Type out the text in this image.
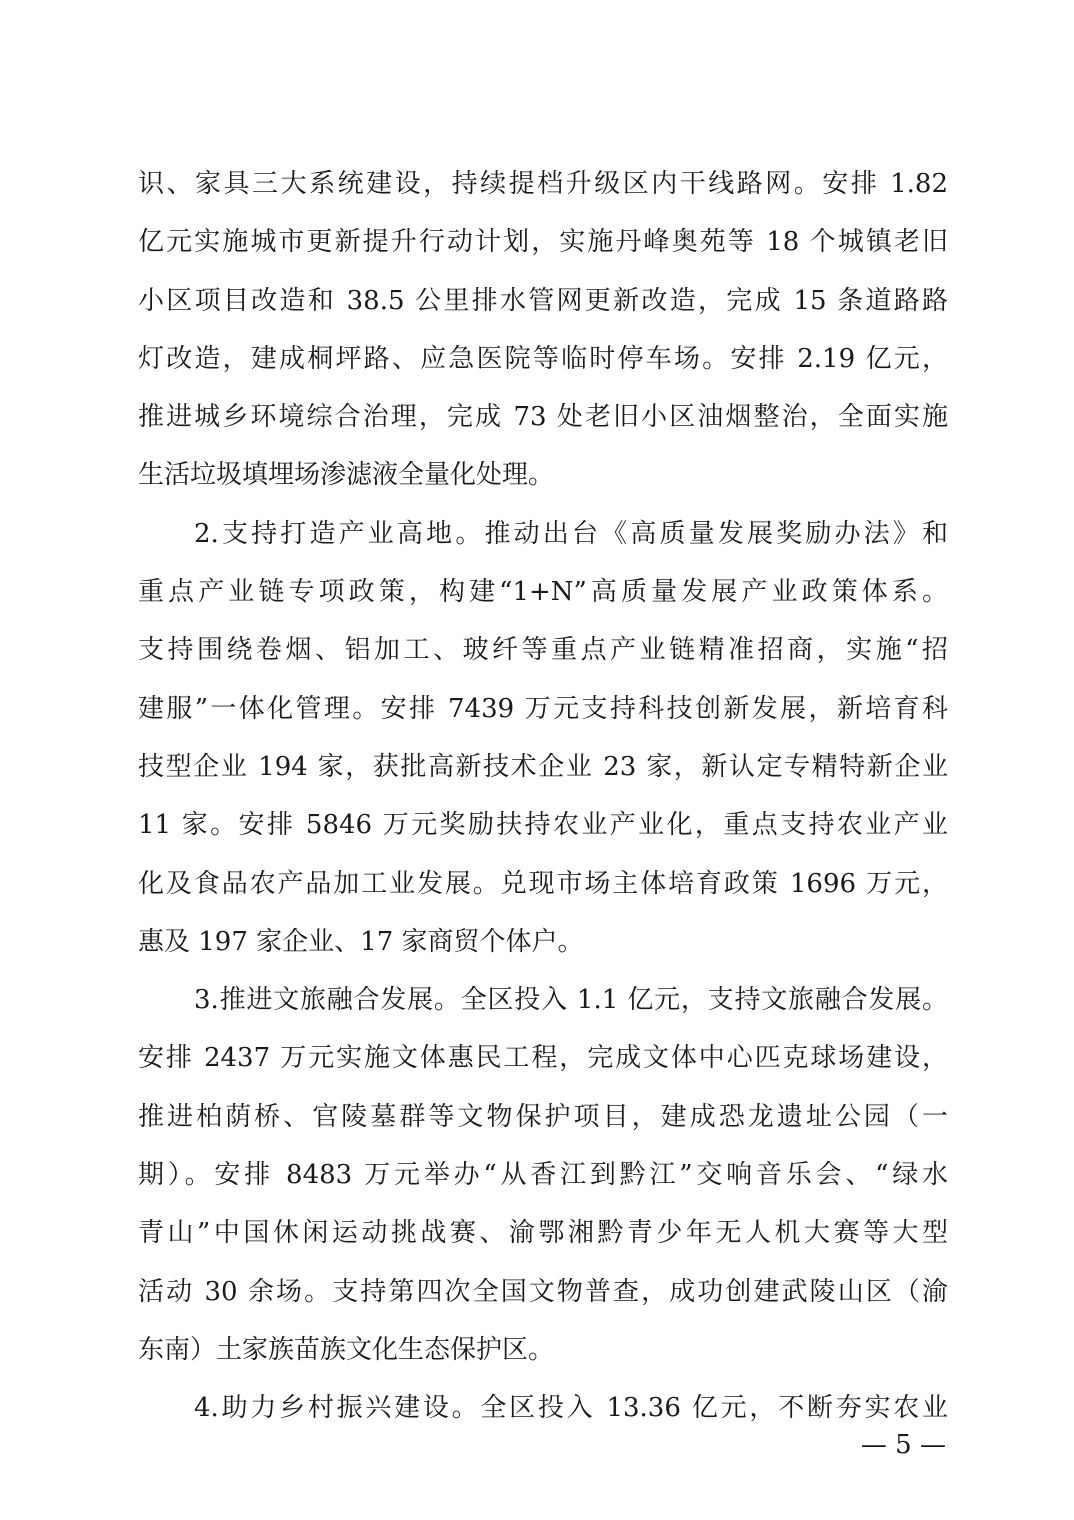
识、家具三大系统建设，持续提档升级区内干线路网。安排 1.82
亿元实施城市更新提升行动计划，实施丹峰奥苑等 18 个城镇老旧
小区项目改造和 38.5 公里排水管网更新改造，完成 15 条道路路
灯改造，建成桐坪路、应急医院等临时停车场。安排 2.19 亿元，
推进城乡环境综合治理，完成 73 处老旧小区油烟整治，全面实施
生活垃圾填埋场渗滤液全量化处理。
2.支持打造产业高地。推动出台《高质量发展奖励办法》和
重点产业链专项政策，构建“1+N”高质量发展产业政策体系。
支持围绕卷烟、铝加工、玻纤等重点产业链精准招商，实施“招
建服”一体化管理。安排 7439 万元支持科技创新发展，新培育科
技型企业 194 家，获批高新技术企业 23 家，新认定专精特新企业
11 家。安排 5846 万元奖励扶持农业产业化，重点支持农业产业
化及食品农产品加工业发展。兑现市场主体培育政策 1696 万元，
惠及 197 家企业、17 家商贸个体户。
3.推进文旅融合发展。全区投入 1.1 亿元，支持文旅融合发展。
安排 2437 万元实施文体惠民工程，完成文体中心匹克球场建设，
推进柏荫桥、官陵墓群等文物保护项目，建成恐龙遗址公园（一
期）。安排 8483 万元举办“从香江到黔江”交响音乐会、“绿水
青山”中国休闲运动挑战赛、渝鄂湘黔青少年无人机大赛等大型
活动 30 余场。支持第四次全国文物普查，成功创建武陵山区（渝
东南）土家族苗族文化生态保护区。
4.助力乡村振兴建设。全区投入 13.36 亿元，不断夯实农业
— 5 —
